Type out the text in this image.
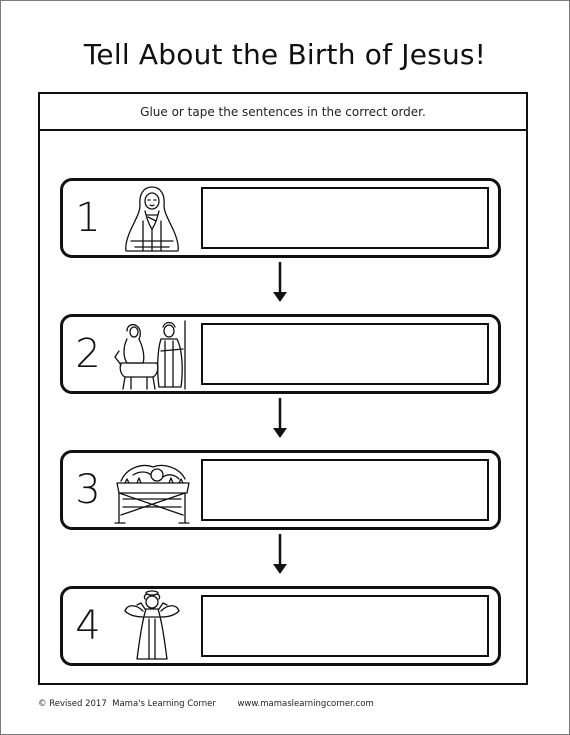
Tell About the Birth of Jesus!
Glue or tape the sentences in the correct order.
1
2
3
4
© Revised 2017  Mama's Learning Corner	www.mamaslearningcorner.com
